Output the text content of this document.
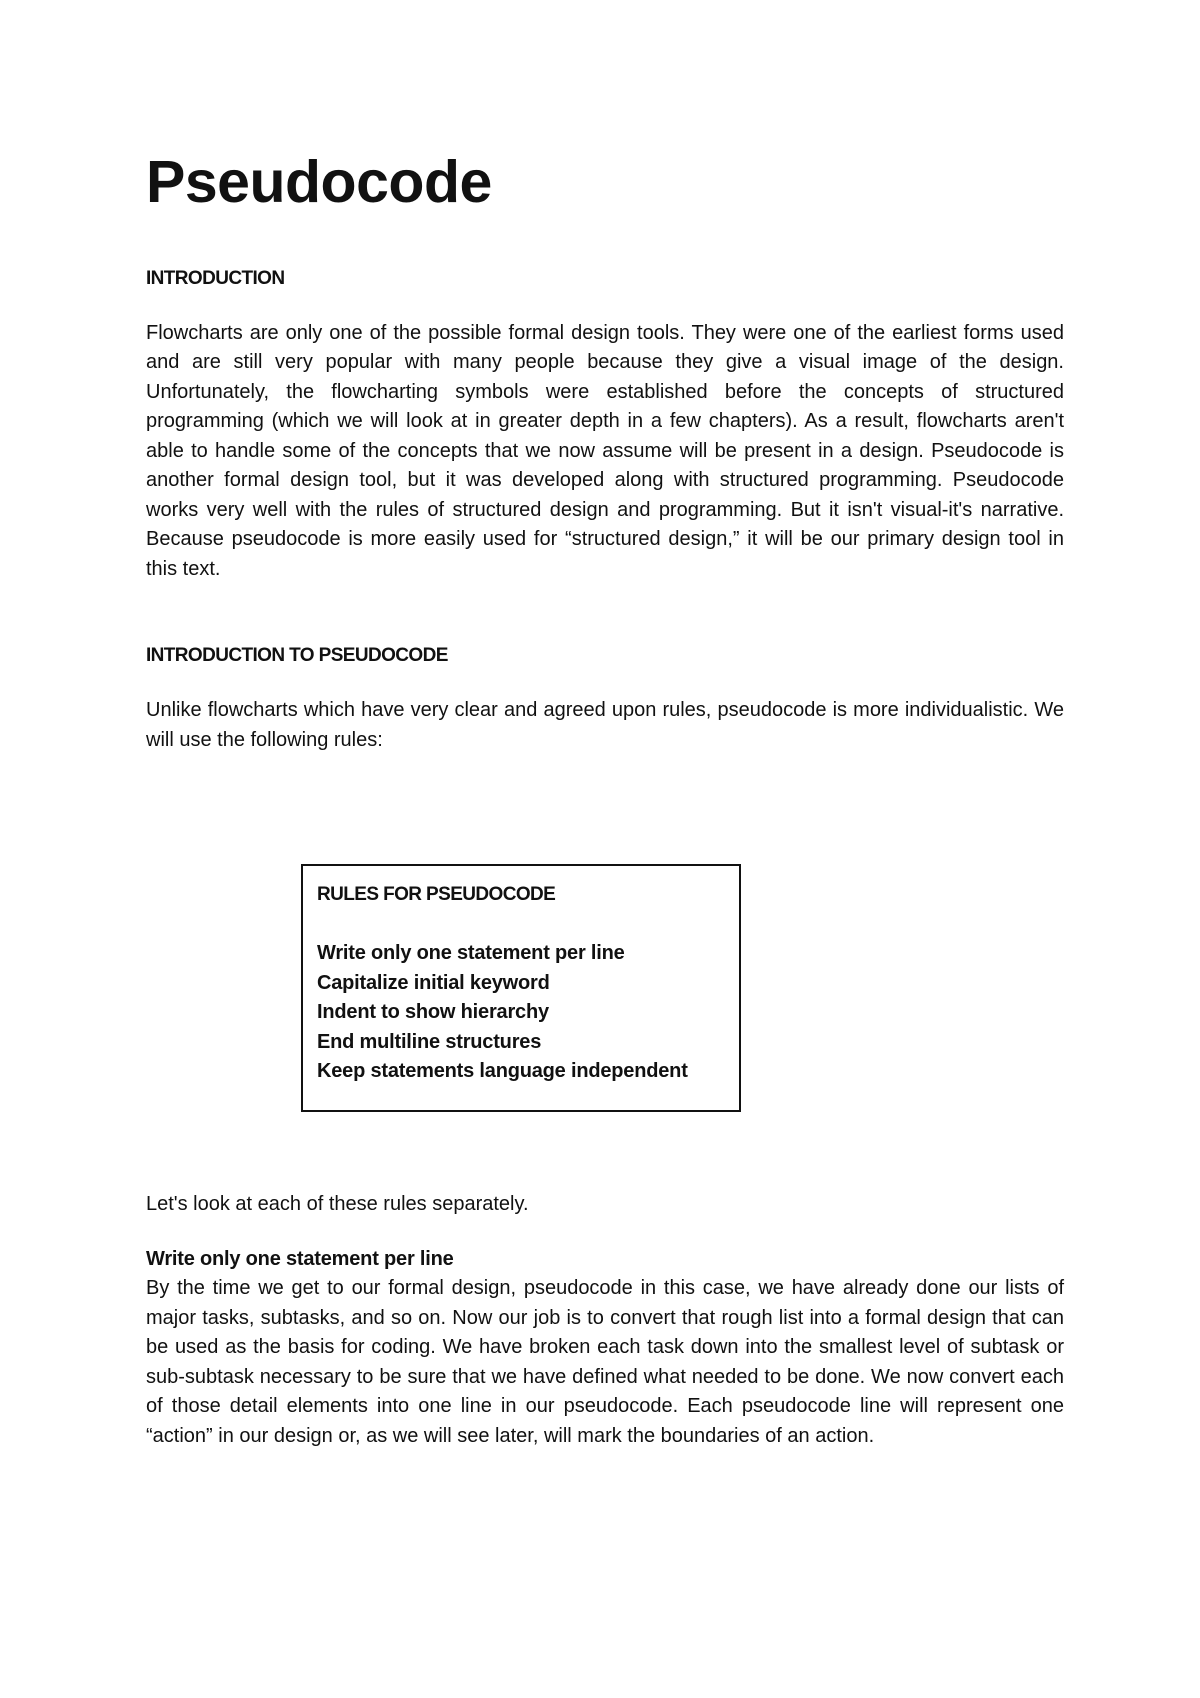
Pseudocode
INTRODUCTION

Flowcharts are only one of the possible formal design tools. They were one of the earliest forms used and are still very popular with many people because they give a visual image of the design. Unfortunately, the flowcharting symbols were established before the concepts of structured programming (which we will look at in greater depth in a few chapters). As a result, flowcharts aren't able to handle some of the concepts that we now assume will be present in a design. Pseudocode is another formal design tool, but it was developed along with structured programming. Pseudocode works very well with the rules of structured design and programming. But it isn't visual-it's narrative. Because pseudocode is more easily used for “structured design,” it will be our primary design tool in this text.

INTRODUCTION TO PSEUDOCODE

Unlike flowcharts which have very clear and agreed upon rules, pseudocode is more individualistic. We will use the following rules:

RULES FOR PSEUDOCODE
Write only one statement per line
Capitalize initial keyword
Indent to show hierarchy
End multiline structures
Keep statements language independent

Let's look at each of these rules separately.

Write only one statement per line

By the time we get to our formal design, pseudocode in this case, we have already done our lists of major tasks, subtasks, and so on. Now our job is to convert that rough list into a formal design that can be used as the basis for coding. We have broken each task down into the smallest level of subtask or sub-subtask necessary to be sure that we have defined what needed to be done. We now convert each of those detail elements into one line in our pseudocode. Each pseudocode line will represent one “action” in our design or, as we will see later, will mark the boundaries of an action.
